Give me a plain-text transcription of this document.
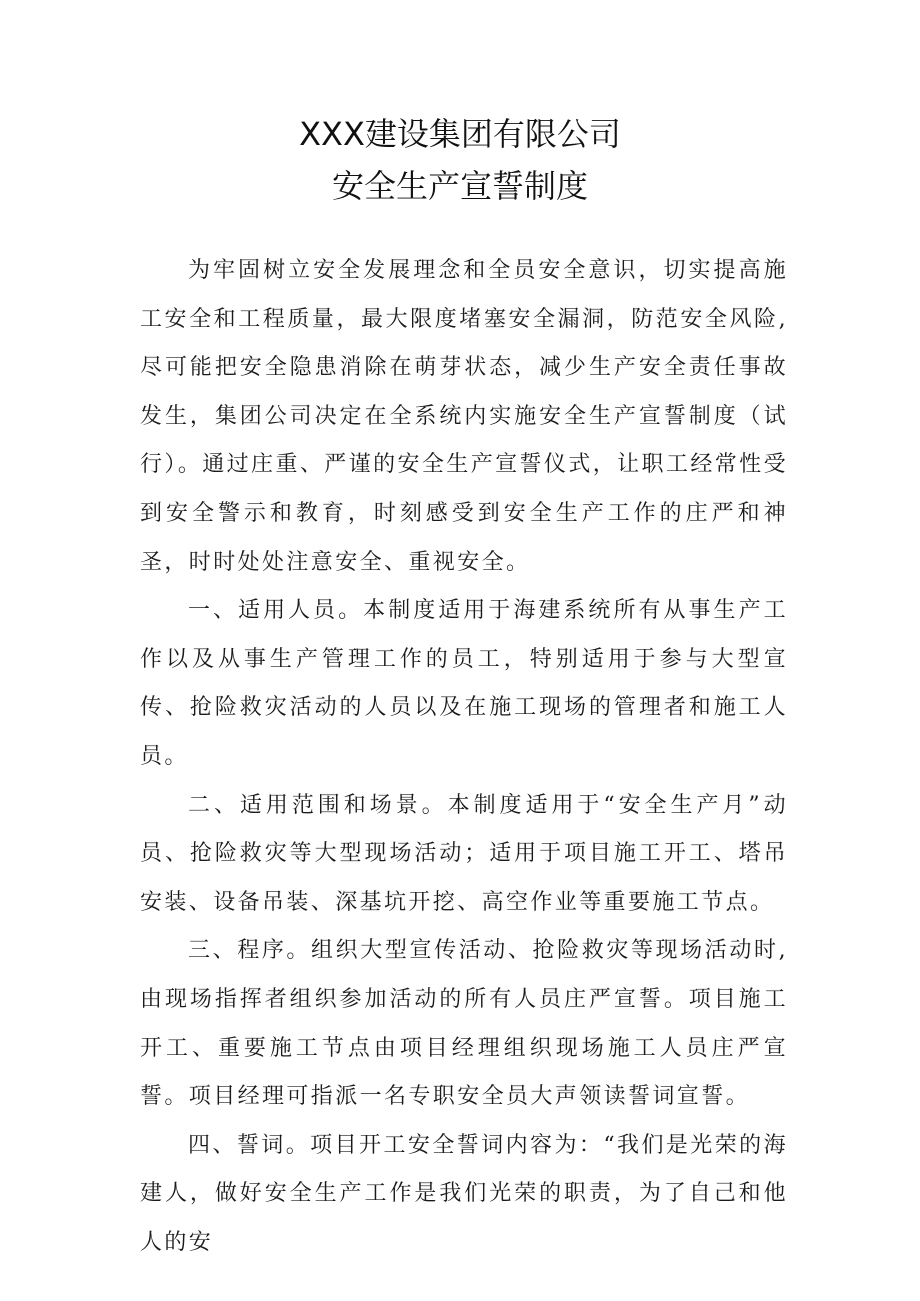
XXX建设集团有限公司
安全生产宣誓制度

为牢固树立安全发展理念和全员安全意识，切实提高施工安全和工程质量，最大限度堵塞安全漏洞，防范安全风险,尽可能把安全隐患消除在萌芽状态，减少生产安全责任事故发生，集团公司决定在全系统内实施安全生产宣誓制度（试行）。通过庄重、严谨的安全生产宣誓仪式，让职工经常性受到安全警示和教育，时刻感受到安全生产工作的庄严和神圣，时时处处注意安全、重视安全。

一、适用人员。本制度适用于海建系统所有从事生产工作以及从事生产管理工作的员工，特别适用于参与大型宣传、抢险救灾活动的人员以及在施工现场的管理者和施工人员。

二、适用范围和场景。本制度适用于“安全生产月”动员、抢险救灾等大型现场活动；适用于项目施工开工、塔吊安装、设备吊装、深基坑开挖、高空作业等重要施工节点。

三、程序。组织大型宣传活动、抢险救灾等现场活动时,由现场指挥者组织参加活动的所有人员庄严宣誓。项目施工开工、重要施工节点由项目经理组织现场施工人员庄严宣誓。项目经理可指派一名专职安全员大声领读誓词宣誓。

四、誓词。项目开工安全誓词内容为：“我们是光荣的海建人，做好安全生产工作是我们光荣的职责，为了自己和他人的安
